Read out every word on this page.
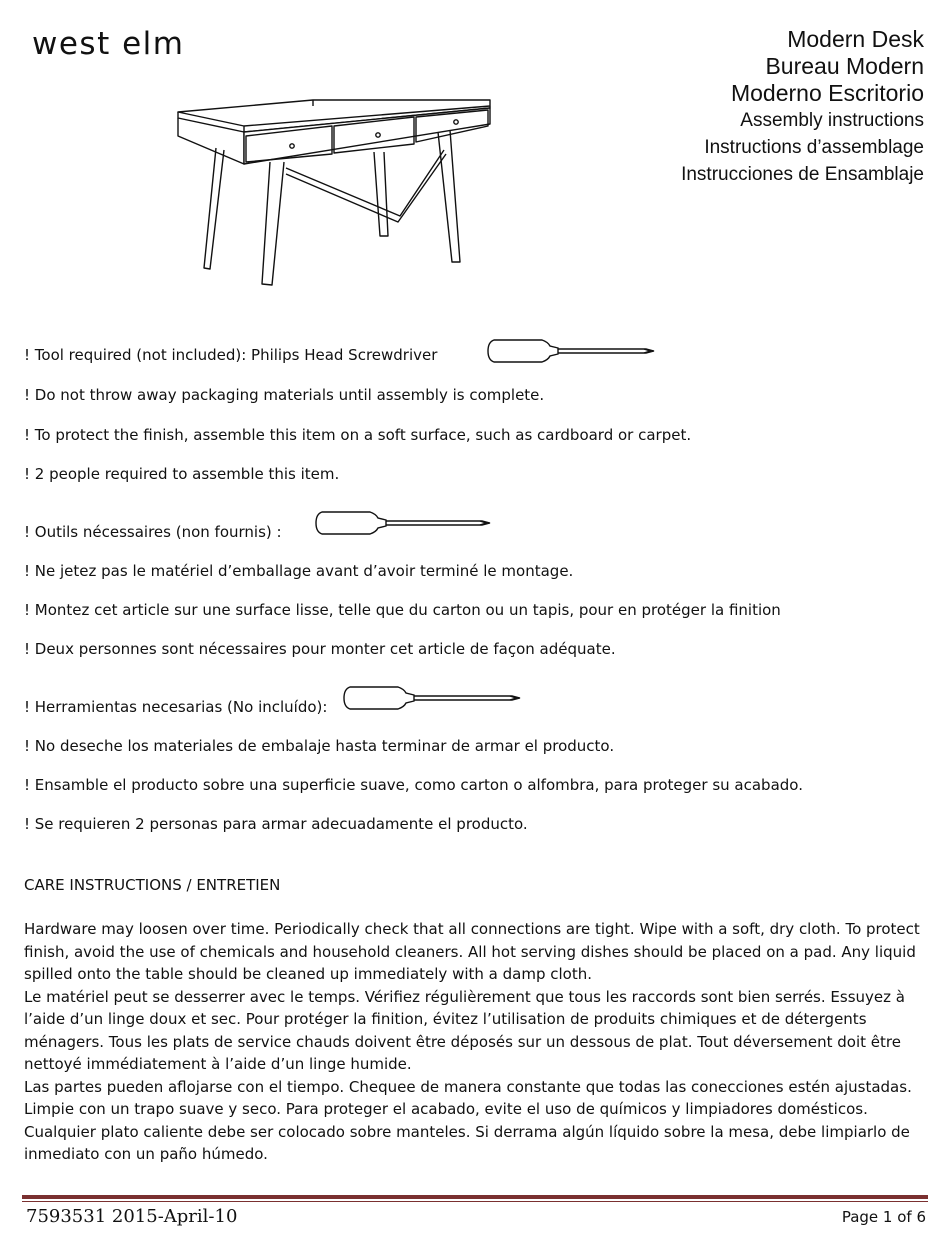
west elm	Modern Desk
Bureau Modern
Moderno Escritorio
Assembly instructions
Instructions d’assemblage
Instrucciones de Ensamblaje
! Tool required (not included): Philips Head Screwdriver
! Do not throw away packaging materials until assembly is complete.
! To protect the finish, assemble this item on a soft surface, such as cardboard or carpet.
! 2 people required to assemble this item.
! Outils nécessaires (non fournis) :
! Ne jetez pas le matériel d’emballage avant d’avoir terminé le montage.
! Montez cet article sur une surface lisse, telle que du carton ou un tapis, pour en protéger la finition
! Deux personnes sont nécessaires pour monter cet article de façon adéquate.
! Herramientas necesarias (No incluído):
! No deseche los materiales de embalaje hasta terminar de armar el producto.
! Ensamble el producto sobre una superficie suave, como carton o alfombra, para proteger su acabado.
! Se requieren 2 personas para armar adecuadamente el producto.
CARE INSTRUCTIONS / ENTRETIEN

Hardware may loosen over time. Periodically check that all connections are tight. Wipe with a soft, dry cloth. To protect finish, avoid the use of chemicals and household cleaners. All hot serving dishes should be placed on a pad. Any liquid spilled onto the table should be cleaned up immediately with a damp cloth.

Le matériel peut se desserrer avec le temps. Vérifiez régulièrement que tous les raccords sont bien serrés. Essuyez à l’aide d’un linge doux et sec. Pour protéger la finition, évitez l’utilisation de produits chimiques et de détergents ménagers. Tous les plats de service chauds doivent être déposés sur un dessous de plat. Tout déversement doit être nettoyé immédiatement à l’aide d’un linge humide.

Las partes pueden aflojarse con el tiempo. Chequee de manera constante que todas las conecciones estén ajustadas. Limpie con un trapo suave y seco. Para proteger el acabado, evite el uso de químicos y limpiadores domésticos. Cualquier plato caliente debe ser colocado sobre manteles. Si derrama algún líquido sobre la mesa, debe limpiarlo de inmediato con un paño húmedo.

7593531 2015-April-10	Page 1 of 6
